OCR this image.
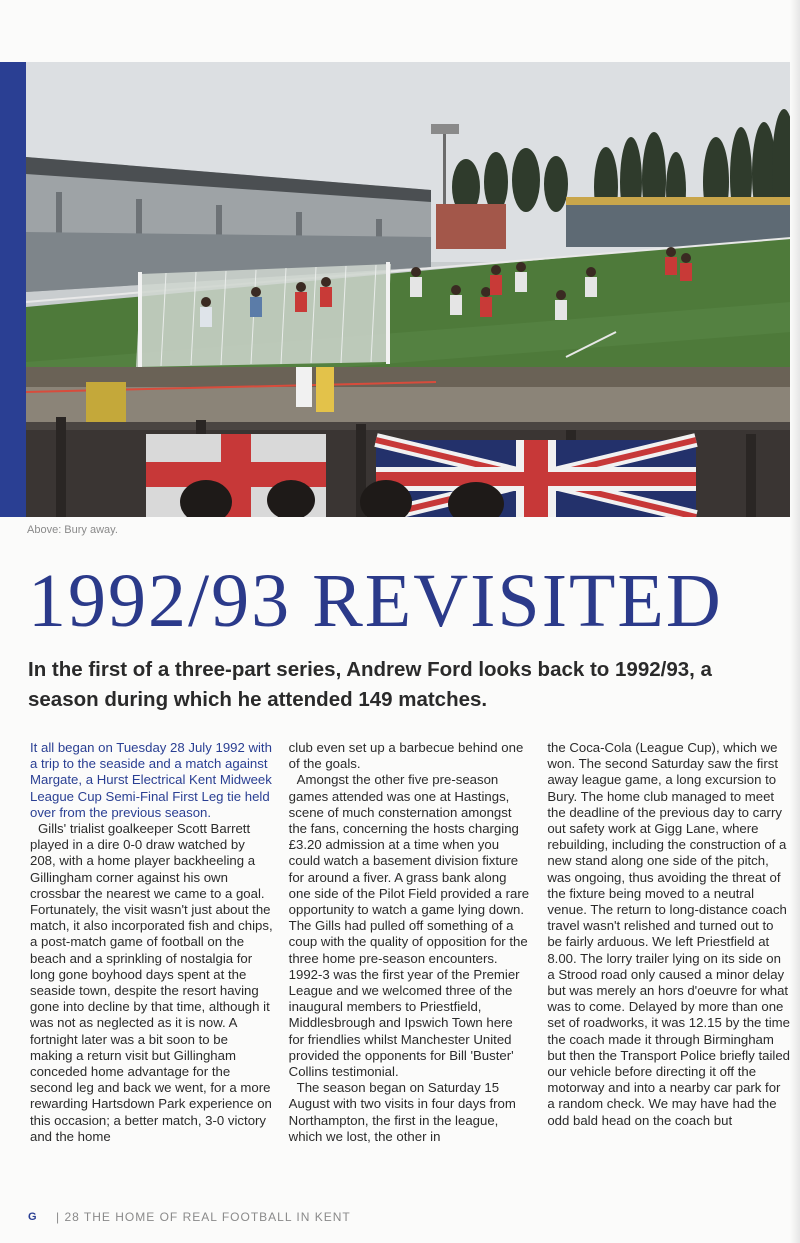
Above: Bury away.
1992/93 REVISITED

In the first of a three-part series, Andrew Ford looks back to 1992/93, a season during which he attended 149 matches.

It all began on Tuesday 28 July 1992 with a trip to the seaside and a match against Margate, a Hurst Electrical Kent Midweek League Cup Semi-Final First Leg tie held over from the previous season.

Gills' trialist goalkeeper Scott Barrett played in a dire 0-0 draw watched by 208, with a home player backheeling a Gillingham corner against his own crossbar the nearest we came to a goal. Fortunately, the visit wasn't just about the match, it also incorporated fish and chips, a post-match game of football on the beach and a sprinkling of nostalgia for long gone boyhood days spent at the seaside town, despite the resort having gone into decline by that time, although it was not as neglected as it is now. A fortnight later was a bit soon to be making a return visit but Gillingham conceded home advantage for the second leg and back we went, for a more rewarding Hartsdown Park experience on this occasion; a better match, 3-0 victory and the home

club even set up a barbecue behind one of the goals.

Amongst the other five pre-season games attended was one at Hastings, scene of much consternation amongst the fans, concerning the hosts charging £3.20 admission at a time when you could watch a basement division fixture for around a fiver. A grass bank along one side of the Pilot Field provided a rare opportunity to watch a game lying down. The Gills had pulled off something of a coup with the quality of opposition for the three home pre-season encounters. 1992-3 was the first year of the Premier League and we welcomed three of the inaugural members to Priestfield, Middlesbrough and Ipswich Town here for friendlies whilst Manchester United provided the opponents for Bill 'Buster' Collins testimonial.

The season began on Saturday 15 August with two visits in four days from Northampton, the first in the league, which we lost, the other in

the Coca-Cola (League Cup), which we won. The second Saturday saw the first away league game, a long excursion to Bury. The home club managed to meet the deadline of the previous day to carry out safety work at Gigg Lane, where rebuilding, including the construction of a new stand along one side of the pitch, was ongoing, thus avoiding the threat of the fixture being moved to a neutral venue. The return to long-distance coach travel wasn't relished and turned out to be fairly arduous. We left Priestfield at 8.00. The lorry trailer lying on its side on a Strood road only caused a minor delay but was merely an hors d'oeuvre for what was to come. Delayed by more than one set of roadworks, it was 12.15 by the time the coach made it through Birmingham but then the Transport Police briefly tailed our vehicle before directing it off the motorway and into a nearby car park for a random check. We may have had the odd bald head on the coach but

G	| 28 THE HOME OF REAL FOOTBALL IN KENT
